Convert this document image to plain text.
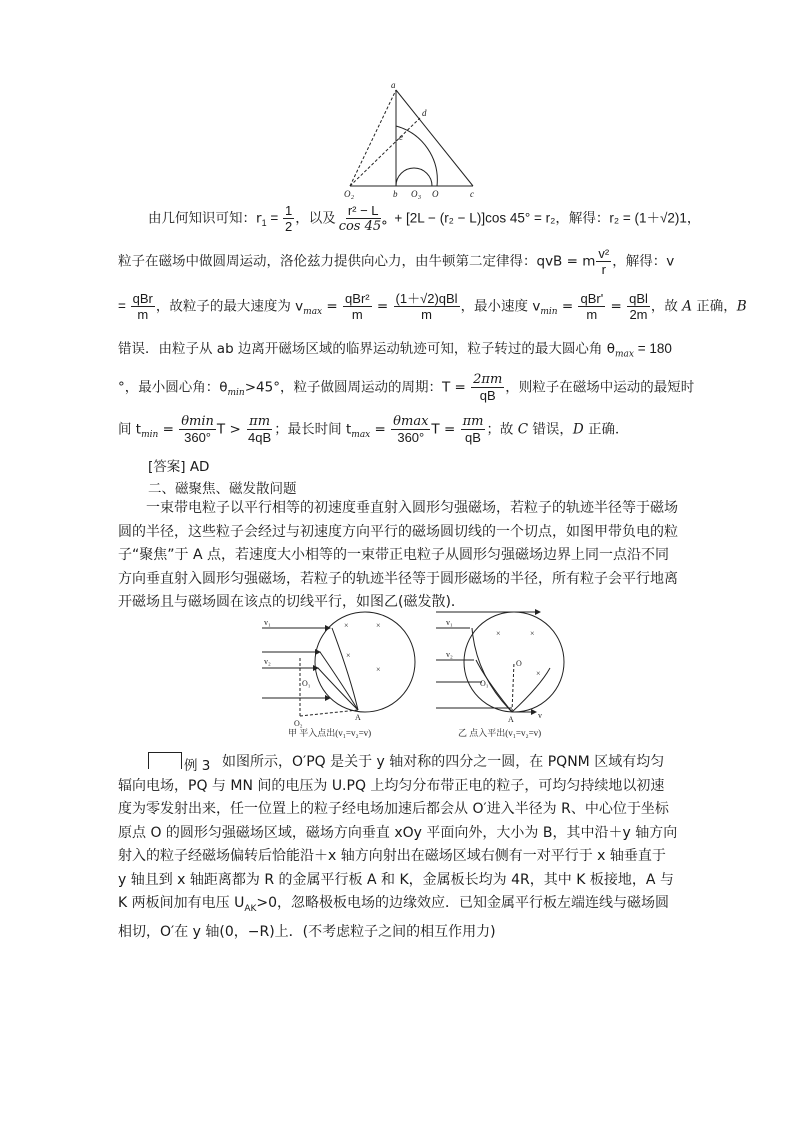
a
d
e
O 2	b O 3 O	c
由几何知识可知：$r_1 = \frac{1}{2}$ ，以及 $\frac{\text{r² − L}}{\cos 45^\circ} + [2L - (r_2 - L)]\cos$ 45° = r₂，解得：r₂ = (1＋√2)1，
粒子在磁场中做圆周运动，洛伦兹力提供向心力，由牛顿第二定律得：qvB = m $\frac{\text{v²}}{r}$ ，解得：v
= $\frac{\text{qBr}}{m}$ ，故粒子的最大速度为 $v_{max} = \frac{\text{qBr²}}{m} = \frac{\text{(1＋√2)qBl}}{m}$ ，最小速度 $v_{min} = \frac{\text{qBr'}}{m} = \frac{\text{qBl}}{2m}$ ，故 A 正确，B
错误．由粒子从 ab 边离开磁场区域的临界运动轨迹可知，粒子转过的最大圆心角 $\theta_{max} = 180$
°，最小圆心角：$\theta_{min}>45^\circ$，粒子做圆周运动的周期：$T = \frac{2\pi m}{qB}$ ，则粒子在磁场中运动的最短时
间 $t_{min} = \frac{\theta\min}{360^\circ}$ $T > \frac{\pi m}{4qB}$ ；最长时间 $t_{max} = \frac{\theta\max}{360^\circ}$ $T = \frac{\pi m}{qB}$ ；故 C 错误，D 正确．
[答案] AD
二、磁聚焦、磁发散问题

一束带电粒子以平行相等的初速度垂直射入圆形匀强磁场，若粒子的轨迹半径等于磁场圆的半径，这些粒子会经过与初速度方向平行的磁场圆切线的一个切点，如图甲带负电的粒子“聚焦”于 A 点，若速度大小相等的一束带正电粒子从圆形匀强磁场边界上同一点沿不同方向垂直射入圆形匀强磁场，若粒子的轨迹半径等于圆形磁场的半径，所有粒子会平行地离开磁场且与磁场圆在该点的切线平行，如图乙(磁发散)．

v₁
v₂
O₁
O₂
A
×	×
×
×
v₁
v₂
O
O₁
A	v
×	×
×
甲 平入点出(v₁=v₂=v)	乙 点入平出(v₁=v₂=v)
例 3 如图所示，O′PQ 是关于 y 轴对称的四分之一圆，在 PQNM 区域有均匀辐向电场，PQ 与 MN 间的电压为 U.PQ 上均匀分布带正电的粒子，可均匀持续地以初速度为零发射出来，任一位置上的粒子经电场加速后都会从 O′进入半径为 R、中心位于坐标原点 O 的圆形匀强磁场区域，磁场方向垂直 xOy 平面向外，大小为 B，其中沿＋y 轴方向射入的粒子经磁场偏转后恰能沿＋x 轴方向射出在磁场区域右侧有一对平行于 x 轴垂直于 y 轴且到 x 轴距离都为 R 的金属平行板 A 和 K，金属板长均为 4R，其中 K 板接地，A 与 K 两板间加有电压 $U_{AK}>0$，忽略极板电场的边缘效应．已知金属平行板左端连线与磁场圆相切，O′在 y 轴(0，−R)上．(不考虑粒子之间的相互作用力)
